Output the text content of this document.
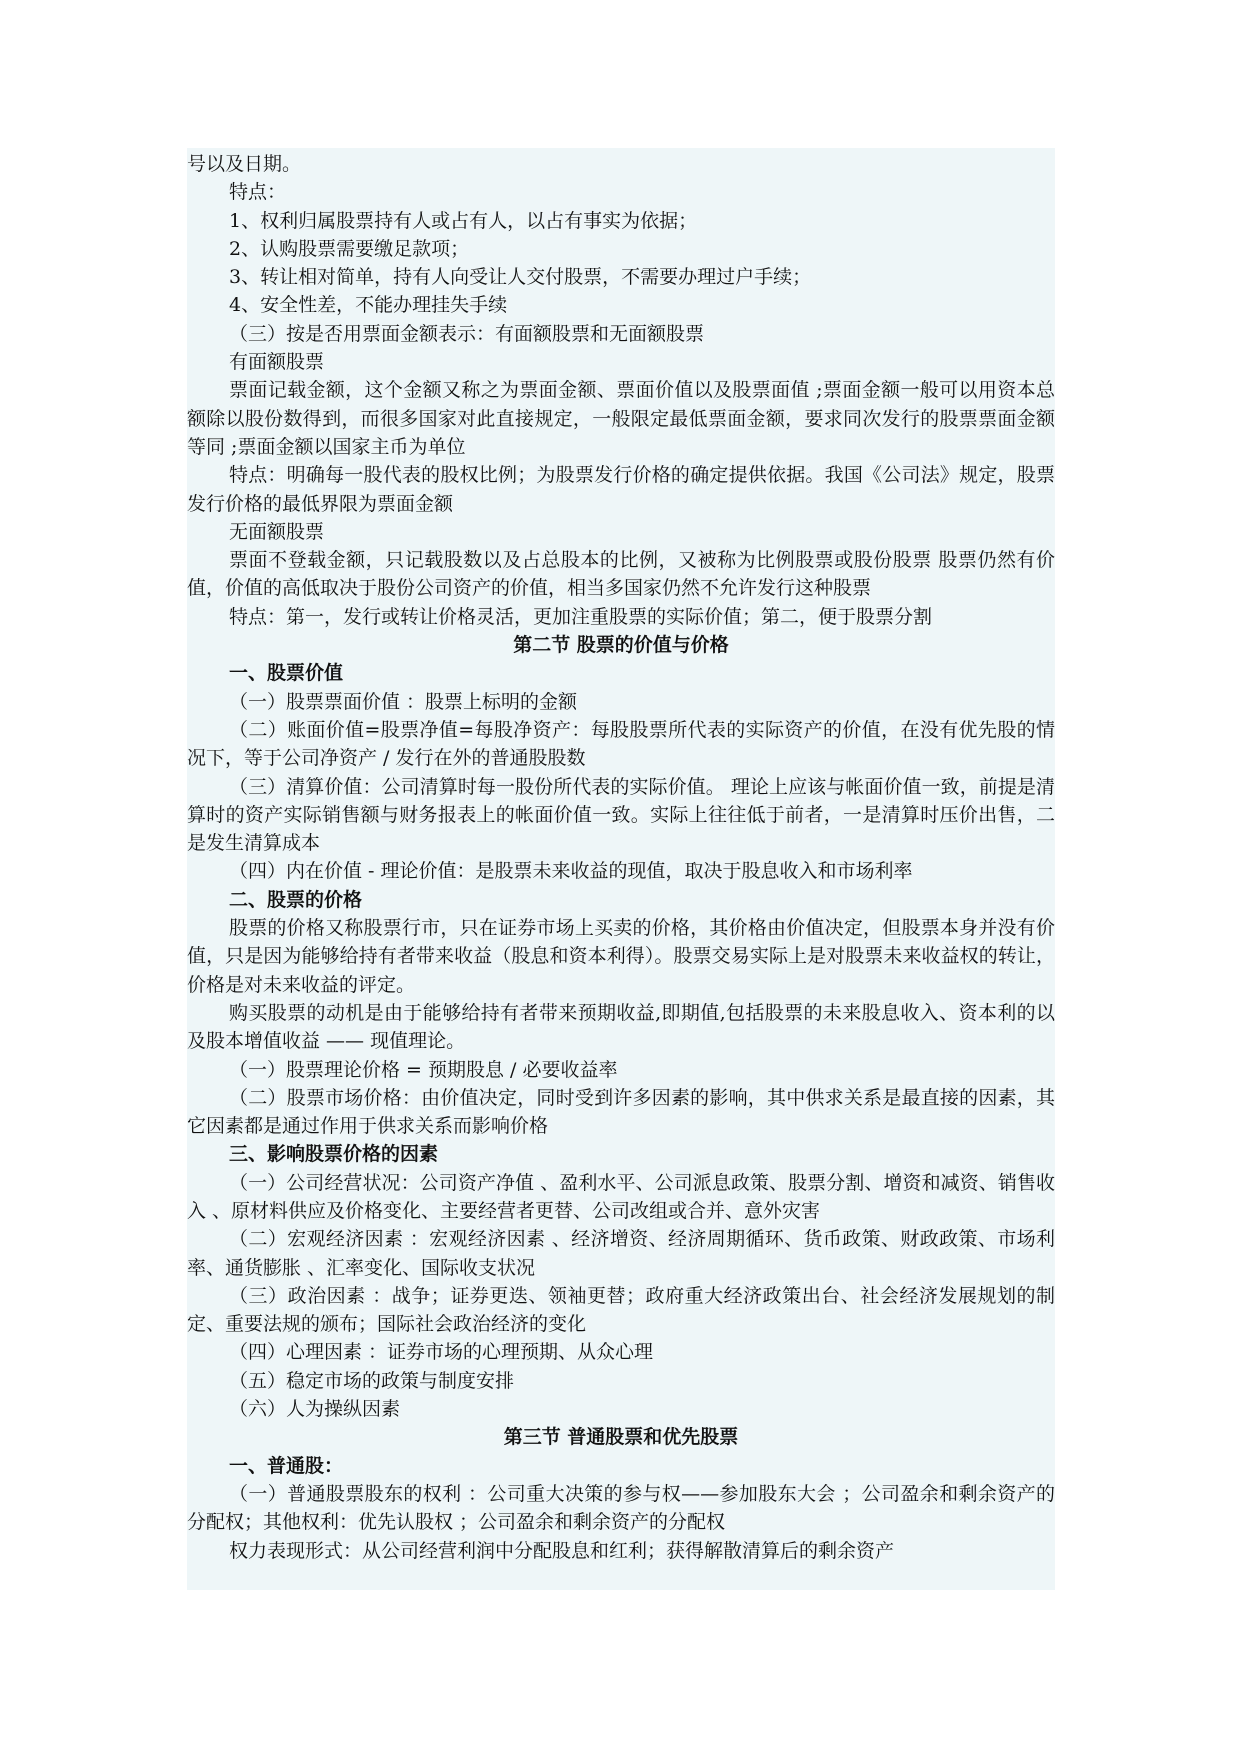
号以及日期。

特点：

1、权利归属股票持有人或占有人，以占有事实为依据；

2、认购股票需要缴足款项；

3、转让相对简单，持有人向受让人交付股票，不需要办理过户手续；

4、安全性差，不能办理挂失手续

（三）按是否用票面金额表示：有面额股票和无面额股票

有面额股票

票面记载金额，这个金额又称之为票面金额、票面价值以及股票面值 ;票面金额一般可以用资本总额除以股份数得到，而很多国家对此直接规定，一般限定最低票面金额，要求同次发行的股票票面金额等同 ;票面金额以国家主币为单位

特点：明确每一股代表的股权比例；为股票发行价格的确定提供依据。我国《公司法》规定，股票发行价格的最低界限为票面金额

无面额股票

票面不登载金额，只记载股数以及占总股本的比例，又被称为比例股票或股份股票 股票仍然有价值，价值的高低取决于股份公司资产的价值，相当多国家仍然不允许发行这种股票

特点：第一，发行或转让价格灵活，更加注重股票的实际价值；第二，便于股票分割

第二节 股票的价值与价格

一、股票价值

（一）股票票面价值 ：股票上标明的金额

（二）账面价值=股票净值=每股净资产：每股股票所代表的实际资产的价值，在没有优先股的情况下，等于公司净资产 / 发行在外的普通股股数

（三）清算价值：公司清算时每一股份所代表的实际价值。 理论上应该与帐面价值一致，前提是清算时的资产实际销售额与财务报表上的帐面价值一致。实际上往往低于前者，一是清算时压价出售，二是发生清算成本

（四）内在价值 - 理论价值：是股票未来收益的现值，取决于股息收入和市场利率

二、股票的价格

股票的价格又称股票行市，只在证券市场上买卖的价格，其价格由价值决定，但股票本身并没有价值，只是因为能够给持有者带来收益（股息和资本利得）。股票交易实际上是对股票未来收益权的转让，价格是对未来收益的评定。

购买股票的动机是由于能够给持有者带来预期收益,即期值,包括股票的未来股息收入、资本利的以及股本增值收益 —— 现值理论。

（一）股票理论价格 = 预期股息 / 必要收益率

（二）股票市场价格：由价值决定，同时受到许多因素的影响，其中供求关系是最直接的因素，其它因素都是通过作用于供求关系而影响价格

三、影响股票价格的因素

（一）公司经营状况：公司资产净值 、盈利水平、公司派息政策、股票分割、增资和减资、销售收入 、原材料供应及价格变化、主要经营者更替、公司改组或合并、意外灾害

（二）宏观经济因素 ：宏观经济因素 、经济增资、经济周期循环、货币政策、财政政策、市场利率、通货膨胀 、汇率变化、国际收支状况

（三）政治因素 ：战争；证券更迭、领袖更替；政府重大经济政策出台、社会经济发展规划的制定、重要法规的颁布；国际社会政治经济的变化

（四）心理因素 ：证券市场的心理预期、从众心理

（五）稳定市场的政策与制度安排

（六）人为操纵因素

第三节 普通股票和优先股票

一、普通股：

（一）普通股票股东的权利 ：公司重大决策的参与权——参加股东大会 ；公司盈余和剩余资产的分配权；其他权利：优先认股权 ；公司盈余和剩余资产的分配权

权力表现形式：从公司经营利润中分配股息和红利；获得解散清算后的剩余资产
